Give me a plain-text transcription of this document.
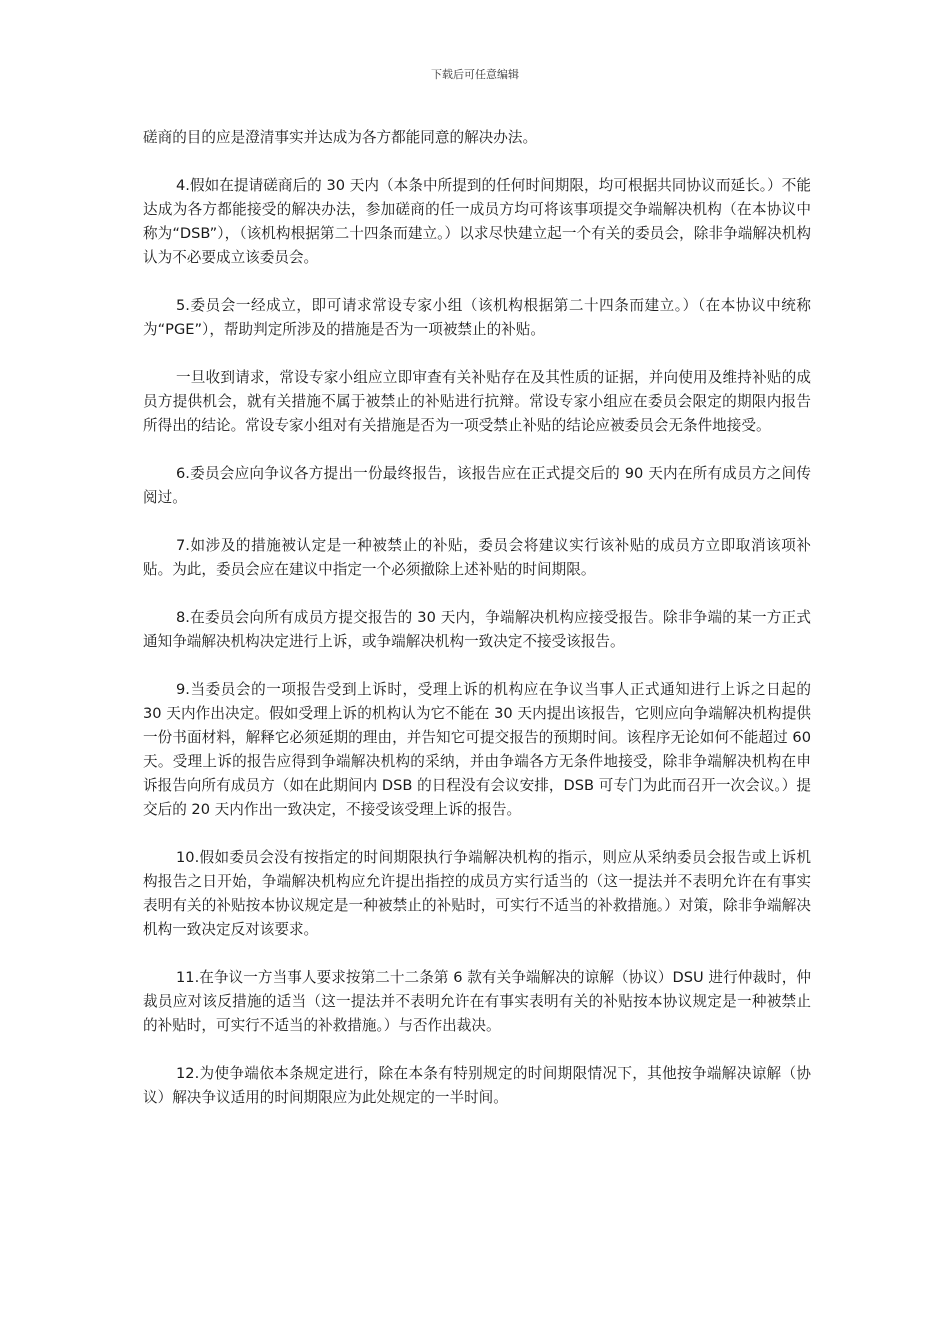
下载后可任意编辑

磋商的目的应是澄清事实并达成为各方都能同意的解决办法。

4.假如在提请磋商后的 30 天内（本条中所提到的任何时间期限，均可根据共同协议而延长。）不能达成为各方都能接受的解决办法，参加磋商的任一成员方均可将该事项提交争端解决机构（在本协议中称为“DSB”），（该机构根据第二十四条而建立。）以求尽快建立起一个有关的委员会，除非争端解决机构认为不必要成立该委员会。

5.委员会一经成立，即可请求常设专家小组（该机构根据第二十四条而建立。）（在本协议中统称为“PGE”），帮助判定所涉及的措施是否为一项被禁止的补贴。

一旦收到请求，常设专家小组应立即审查有关补贴存在及其性质的证据，并向使用及维持补贴的成员方提供机会，就有关措施不属于被禁止的补贴进行抗辩。常设专家小组应在委员会限定的期限内报告所得出的结论。常设专家小组对有关措施是否为一项受禁止补贴的结论应被委员会无条件地接受。

6.委员会应向争议各方提出一份最终报告，该报告应在正式提交后的 90 天内在所有成员方之间传阅过。

7.如涉及的措施被认定是一种被禁止的补贴，委员会将建议实行该补贴的成员方立即取消该项补贴。为此，委员会应在建议中指定一个必须撤除上述补贴的时间期限。

8.在委员会向所有成员方提交报告的 30 天内，争端解决机构应接受报告。除非争端的某一方正式通知争端解决机构决定进行上诉，或争端解决机构一致决定不接受该报告。

9.当委员会的一项报告受到上诉时，受理上诉的机构应在争议当事人正式通知进行上诉之日起的 30 天内作出决定。假如受理上诉的机构认为它不能在 30 天内提出该报告，它则应向争端解决机构提供一份书面材料，解释它必须延期的理由，并告知它可提交报告的预期时间。该程序无论如何不能超过 60 天。受理上诉的报告应得到争端解决机构的采纳，并由争端各方无条件地接受，除非争端解决机构在申诉报告向所有成员方（如在此期间内 DSB 的日程没有会议安排，DSB 可专门为此而召开一次会议。）提交后的 20 天内作出一致决定，不接受该受理上诉的报告。

10.假如委员会没有按指定的时间期限执行争端解决机构的指示，则应从采纳委员会报告或上诉机构报告之日开始，争端解决机构应允许提出指控的成员方实行适当的（这一提法并不表明允许在有事实表明有关的补贴按本协议规定是一种被禁止的补贴时，可实行不适当的补救措施。）对策，除非争端解决机构一致决定反对该要求。

11.在争议一方当事人要求按第二十二条第 6 款有关争端解决的谅解（协议）DSU 进行仲裁时，仲裁员应对该反措施的适当（这一提法并不表明允许在有事实表明有关的补贴按本协议规定是一种被禁止的补贴时，可实行不适当的补救措施。）与否作出裁决。

12.为使争端依本条规定进行，除在本条有特别规定的时间期限情况下，其他按争端解决谅解（协议）解决争议适用的时间期限应为此处规定的一半时间。
